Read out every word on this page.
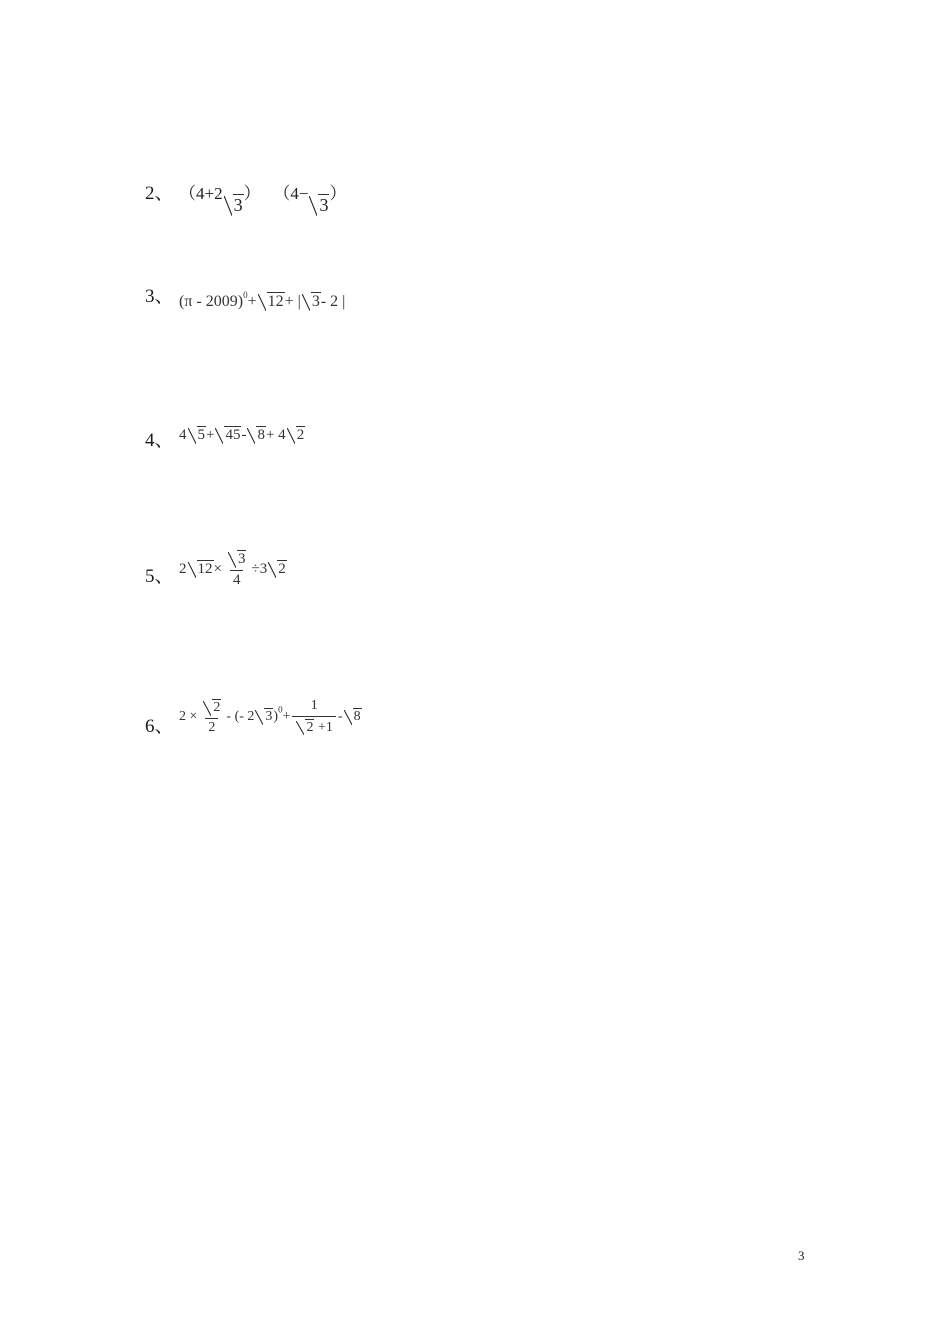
2、 （4+23） （4−3）
3、 (π - 2009)$^0$+12+ |3- 2 |
4、 4 5+45-8+ 4 2
5、 2 $12\times \frac{3}{4} \div 3$ 2
6、 $2 \times \frac{2}{2}$ - (- 2 $3)^0+ \frac{1}{2 +1} -8$
3
